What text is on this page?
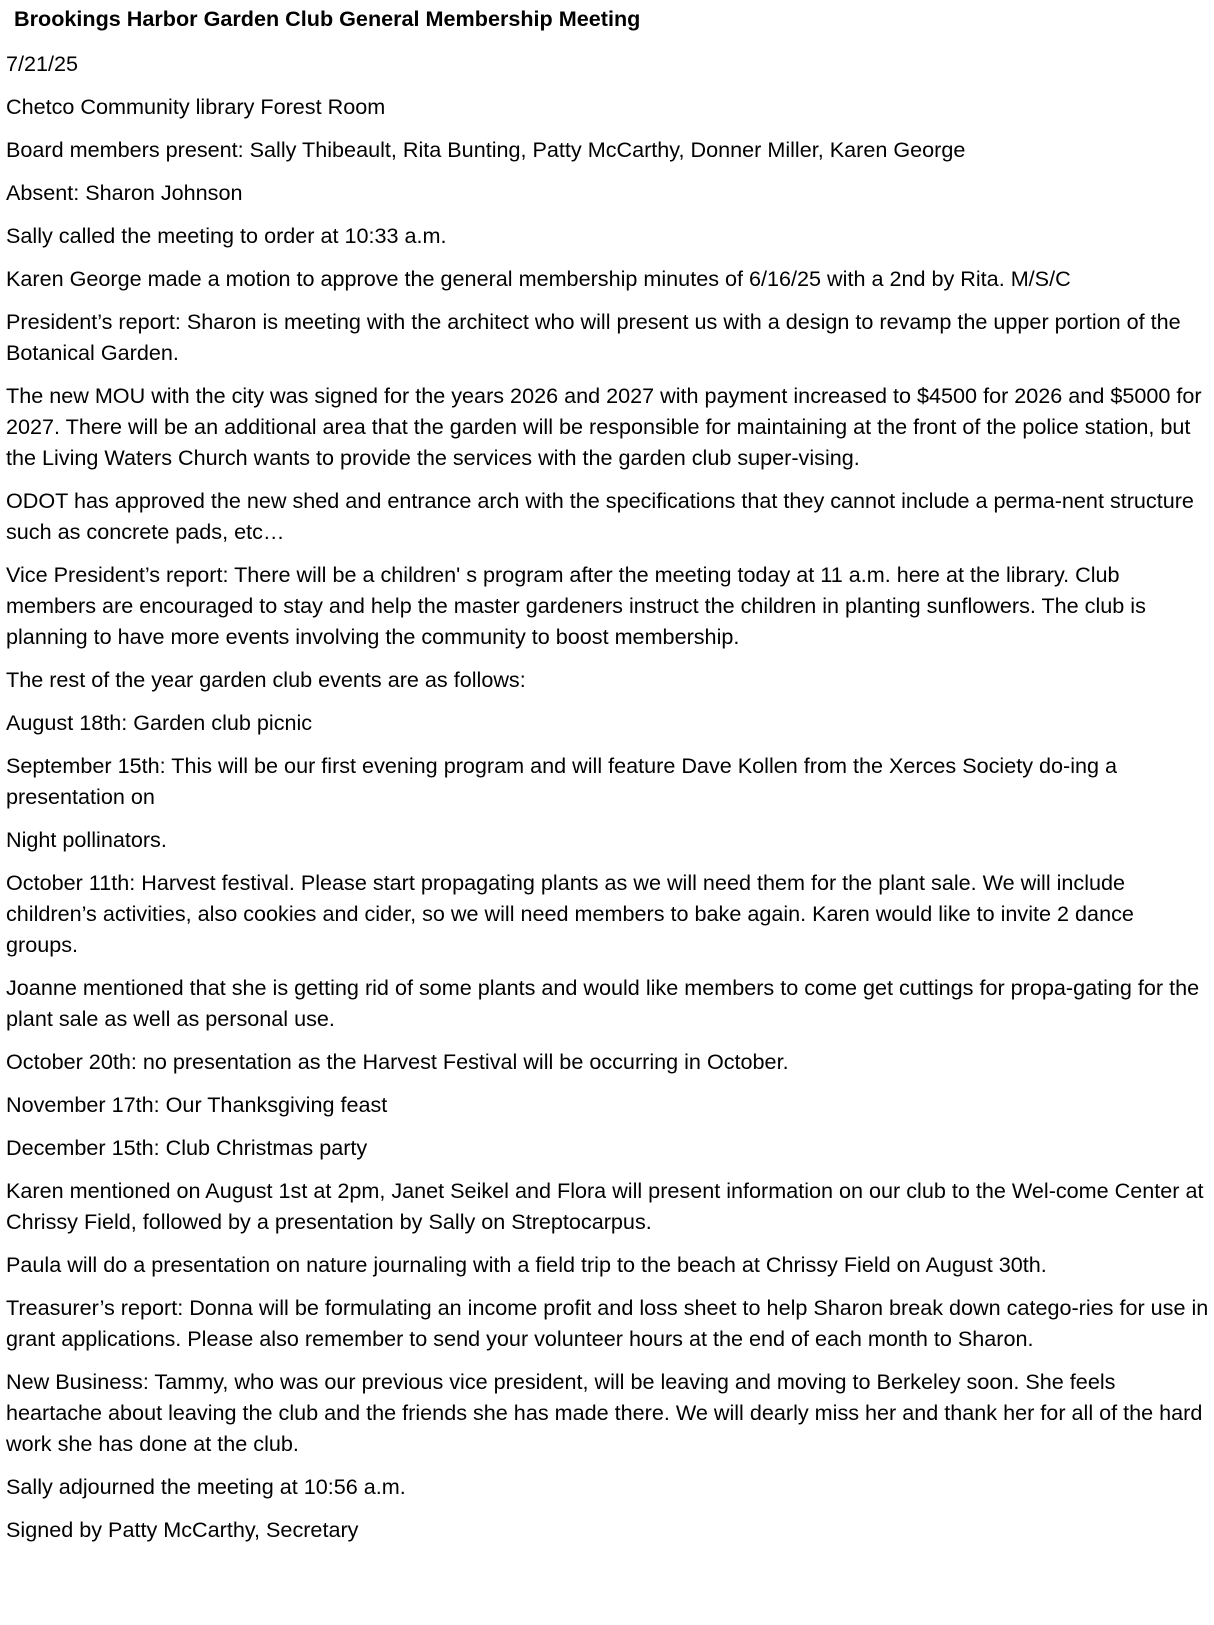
Brookings Harbor Garden Club General Membership Meeting
7/21/25
Chetco Community library Forest Room
Board members present: Sally Thibeault, Rita Bunting, Patty McCarthy, Donner Miller, Karen George
Absent: Sharon Johnson
Sally called the meeting to order at 10:33 a.m.
Karen George made a motion to approve the general membership minutes of 6/16/25 with a 2nd by Rita. M/S/C
President’s report: Sharon is meeting with the architect who will present us with a design to revamp the upper portion of the Botanical Garden.
The new MOU with the city was signed for the years 2026 and 2027 with payment increased to $4500 for 2026 and $5000 for 2027. There will be an additional area that the garden will be responsible for maintaining at the front of the police station, but the Living Waters Church wants to provide the services with the garden club super-vising.
ODOT has approved the new shed and entrance arch with the specifications that they cannot include a perma-nent structure such as concrete pads, etc…
Vice President’s report: There will be a children' s program after the meeting today at 11 a.m. here at the library. Club members are encouraged to stay and help the master gardeners instruct the children in planting sunflowers. The club is planning to have more events involving the community to boost membership.
The rest of the year garden club events are as follows:
August 18th: Garden club picnic
September 15th: This will be our first evening program and will feature Dave Kollen from the Xerces Society do-ing a presentation on
Night pollinators.
October 11th: Harvest festival. Please start propagating plants as we will need them for the plant sale. We will include children’s activities, also cookies and cider, so we will need members to bake again. Karen would like to invite 2 dance groups.
Joanne mentioned that she is getting rid of some plants and would like members to come get cuttings for propa-gating for the plant sale as well as personal use.
October 20th: no presentation as the Harvest Festival will be occurring in October.
November 17th: Our Thanksgiving feast
December 15th: Club Christmas party
Karen mentioned on August 1st at 2pm, Janet Seikel and Flora will present information on our club to the Wel-come Center at Chrissy Field, followed by a presentation by Sally on Streptocarpus.
Paula will do a presentation on nature journaling with a field trip to the beach at Chrissy Field on August 30th.
Treasurer’s report: Donna will be formulating an income profit and loss sheet to help Sharon break down catego-ries for use in grant applications. Please also remember to send your volunteer hours at the end of each month to Sharon.
New Business: Tammy, who was our previous vice president, will be leaving and moving to Berkeley soon. She feels heartache about leaving the club and the friends she has made there. We will dearly miss her and thank her for all of the hard work she has done at the club.
Sally adjourned the meeting at 10:56 a.m.
Signed by Patty McCarthy, Secretary
